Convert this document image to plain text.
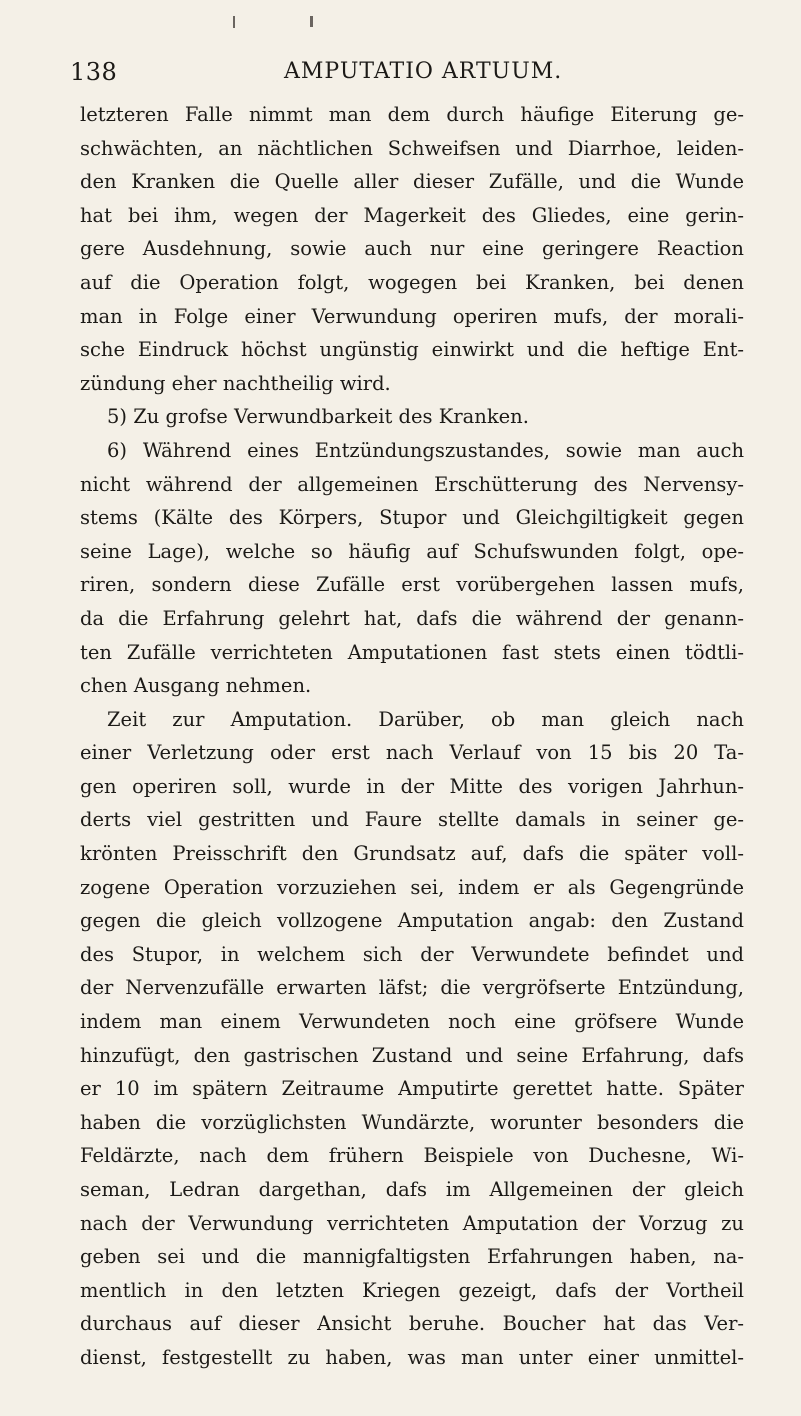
138	AMPUTATIO ARTUUM.
letzteren Falle nimmt man dem durch häufige Eiterung ge-
schwächten, an nächtlichen Schweifsen und Diarrhoe, leiden-
den Kranken die Quelle aller dieser Zufälle, und die Wunde
hat bei ihm, wegen der Magerkeit des Gliedes, eine gerin-
gere Ausdehnung, sowie auch nur eine geringere Reaction
auf die Operation folgt, wogegen bei Kranken, bei denen
man in Folge einer Verwundung operiren mufs, der morali-
sche Eindruck höchst ungünstig einwirkt und die heftige Ent-
zündung eher nachtheilig wird.
5) Zu grofse Verwundbarkeit des Kranken.
6) Während eines Entzündungszustandes, sowie man auch
nicht während der allgemeinen Erschütterung des Nervensy-
stems (Kälte des Körpers, Stupor und Gleichgiltigkeit gegen
seine Lage), welche so häufig auf Schufswunden folgt, ope-
riren, sondern diese Zufälle erst vorübergehen lassen mufs,
da die Erfahrung gelehrt hat, dafs die während der genann-
ten Zufälle verrichteten Amputationen fast stets einen tödtli-
chen Ausgang nehmen.
Zeit zur Amputation. Darüber, ob man gleich nach
einer Verletzung oder erst nach Verlauf von 15 bis 20 Ta-
gen operiren soll, wurde in der Mitte des vorigen Jahrhun-
derts viel gestritten und Faure stellte damals in seiner ge-
krönten Preisschrift den Grundsatz auf, dafs die später voll-
zogene Operation vorzuziehen sei, indem er als Gegengründe
gegen die gleich vollzogene Amputation angab: den Zustand
des Stupor, in welchem sich der Verwundete befindet und
der Nervenzufälle erwarten läfst; die vergröfserte Entzündung,
indem man einem Verwundeten noch eine gröfsere Wunde
hinzufügt, den gastrischen Zustand und seine Erfahrung, dafs
er 10 im spätern Zeitraume Amputirte gerettet hatte. Später
haben die vorzüglichsten Wundärzte, worunter besonders die
Feldärzte, nach dem frühern Beispiele von Duchesne, Wi-
seman, Ledran dargethan, dafs im Allgemeinen der gleich
nach der Verwundung verrichteten Amputation der Vorzug zu
geben sei und die mannigfaltigsten Erfahrungen haben, na-
mentlich in den letzten Kriegen gezeigt, dafs der Vortheil
durchaus auf dieser Ansicht beruhe. Boucher hat das Ver-
dienst, festgestellt zu haben, was man unter einer unmittel-
